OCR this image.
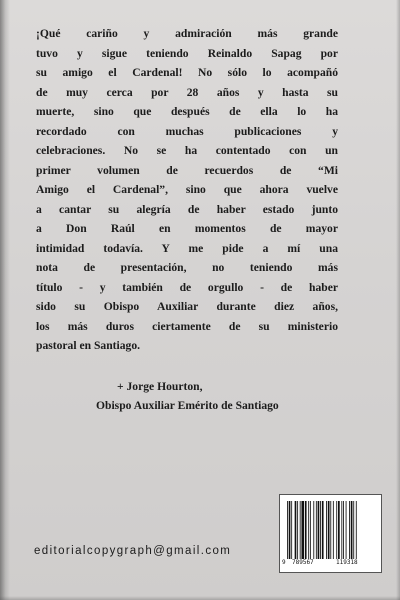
¡Qué cariño y admiración más grande
tuvo y sigue teniendo Reinaldo Sapag por
su amigo el Cardenal! No sólo lo acompañó
de muy cerca por 28 años y hasta su
muerte, sino que después de ella lo ha
recordado con muchas publicaciones y
celebraciones. No se ha contentado con un
primer volumen de recuerdos de “Mi
Amigo el Cardenal”, sino que ahora vuelve
a cantar su alegría de haber estado junto
a Don Raúl en momentos de mayor
intimidad todavía. Y me pide a mí una
nota de presentación, no teniendo más
título - y también de orgullo - de haber
sido su Obispo Auxiliar durante diez años,
los más duros ciertamente de su ministerio
pastoral en Santiago.
+ Jorge Hourton,
Obispo Auxiliar Emérito de Santiago
editorialcopygraph@gmail.com
9 789567	119318
